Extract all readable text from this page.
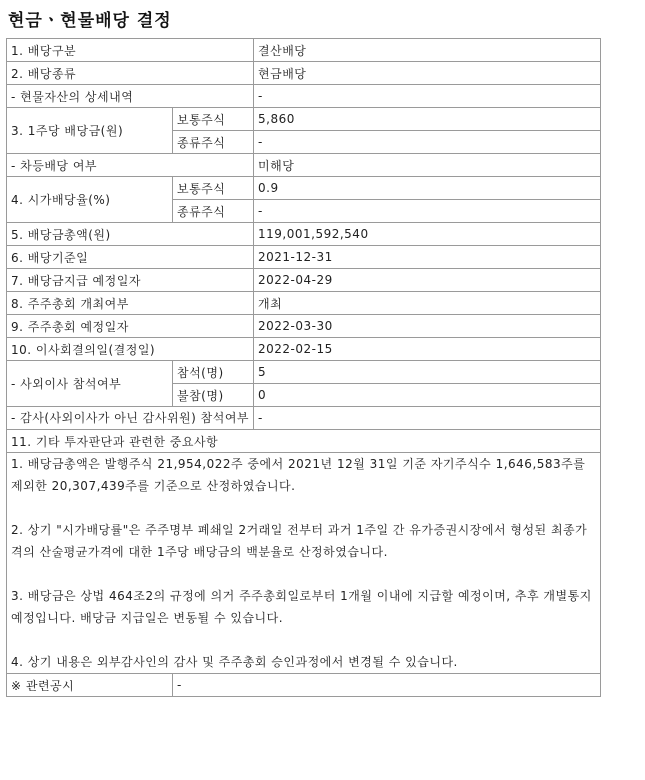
현금ㆍ현물배당 결정
1. 배당구분		결산배당
2. 배당종류		현금배당
- 현물자산의 상세내역		-
3. 1주당 배당금(원)	보통주식	5,860
	종류주식	-
- 차등배당 여부		미해당
4. 시가배당율(%)	보통주식	0.9
	종류주식	-
5. 배당금총액(원)		119,001,592,540
6. 배당기준일		2021-12-31
7. 배당금지급 예정일자		2022-04-29
8. 주주총회 개최여부		개최
9. 주주총회 예정일자		2022-03-30
10. 이사회결의일(결정일)		2022-02-15
- 사외이사 참석여부	참석(명)	5
	불참(명)	0
- 감사(사외이사가 아닌 감사위원) 참석여부		-
11. 기타 투자판단과 관련한 중요사항		

1. 배당금총액은 발행주식 21,954,022주 중에서 2021년 12월 31일 기준 자기주식수 1,646,583주를 제외한 20,307,439주를 기준으로 산정하였습니다.
2. 상기 "시가배당률"은 주주명부 폐쇄일 2거래일 전부터 과거 1주일 간 유가증권시장에서 형성된 최종가격의 산술평균가격에 대한 1주당 배당금의 백분율로 산정하였습니다.
3. 배당금은 상법 464조2의 규정에 의거 주주총회일로부터 1개월 이내에 지급할 예정이며, 추후 개별통지 예정입니다. 배당금 지급일은 변동될 수 있습니다.
4. 상기 내용은 외부감사인의 감사 및 주주총회 승인과정에서 변경될 수 있습니다.		

※ 관련공시	-	
